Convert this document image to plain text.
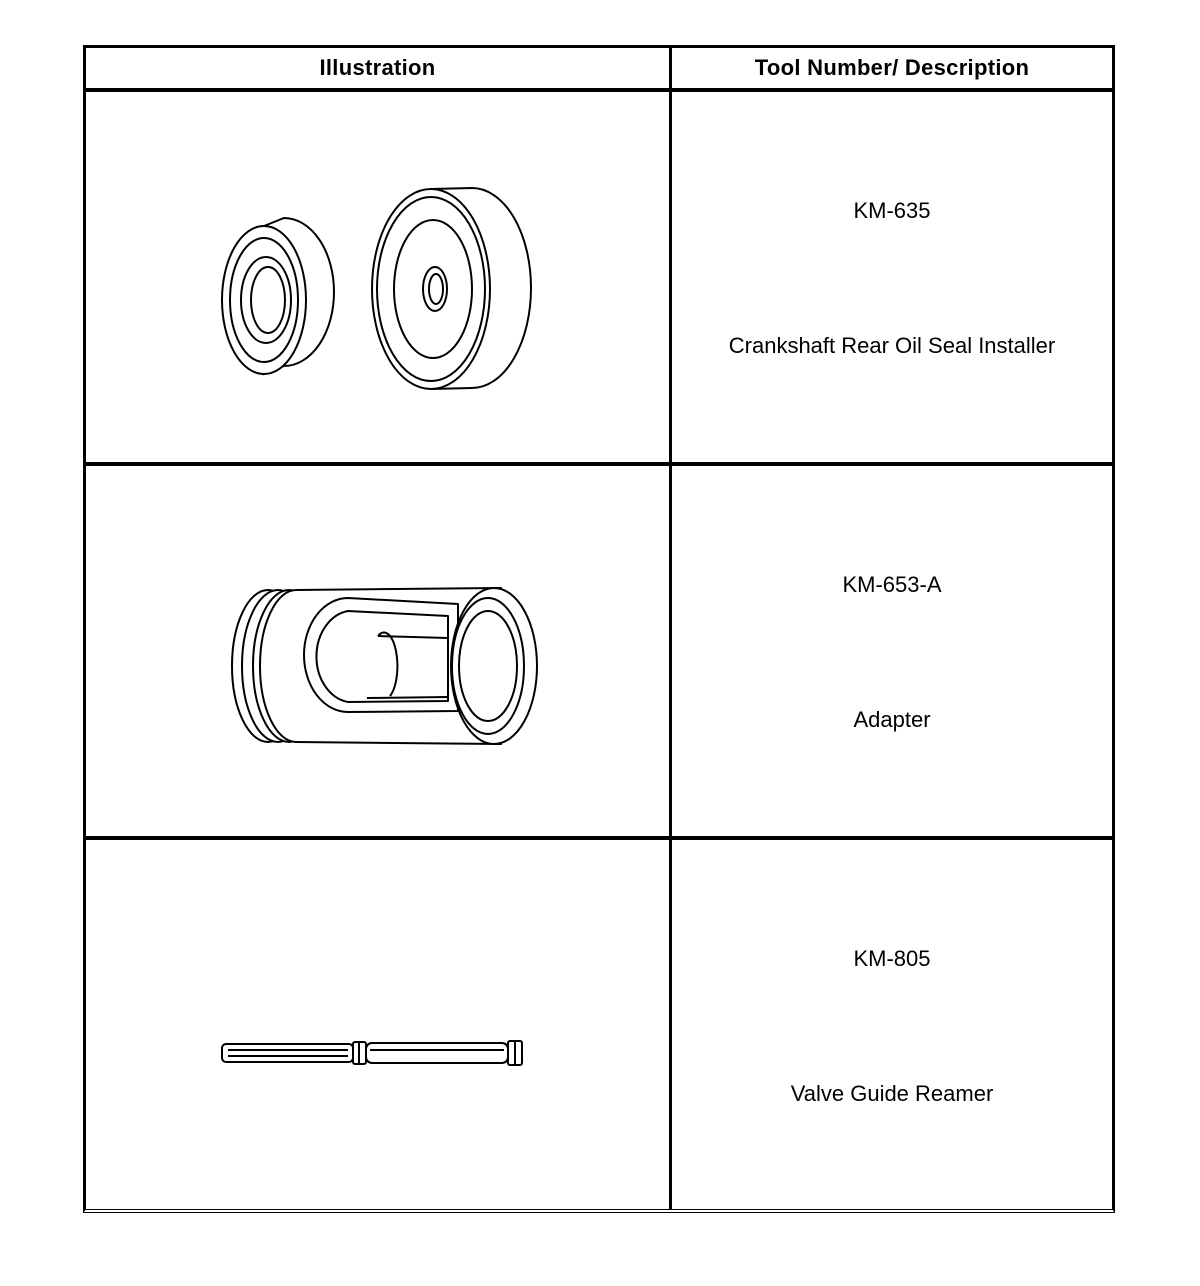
Illustration	Tool Number/ Description
KM-635
Crankshaft Rear Oil Seal Installer
KM-653-A
Adapter
KM-805
Valve Guide Reamer
